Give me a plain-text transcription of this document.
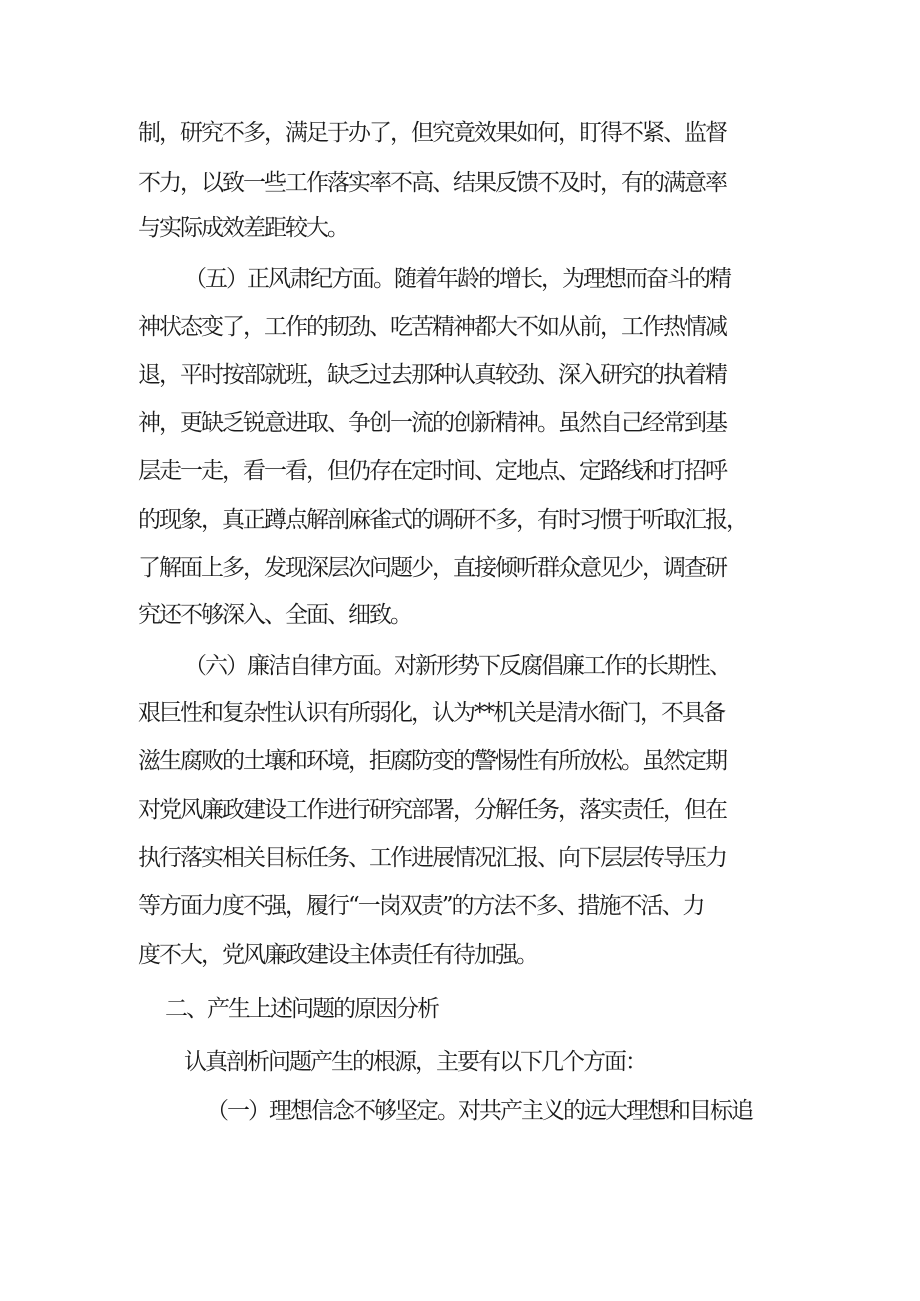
制，研究不多，满足于办了，但究竟效果如何，盯得不紧、监督
不力，以致一些工作落实率不高、结果反馈不及时，有的满意率
与实际成效差距较大。
（五）正风肃纪方面。随着年龄的增长，为理想而奋斗的精
神状态变了，工作的韧劲、吃苦精神都大不如从前，工作热情减
退，平时按部就班，缺乏过去那种认真较劲、深入研究的执着精
神，更缺乏锐意进取、争创一流的创新精神。虽然自己经常到基
层走一走，看一看，但仍存在定时间、定地点、定路线和打招呼
的现象，真正蹲点解剖麻雀式的调研不多，有时习惯于听取汇报，
了解面上多，发现深层次问题少，直接倾听群众意见少，调查研
究还不够深入、全面、细致。
（六）廉洁自律方面。对新形势下反腐倡廉工作的长期性、
艰巨性和复杂性认识有所弱化，认为**机关是清水衙门，不具备
滋生腐败的土壤和环境，拒腐防变的警惕性有所放松。虽然定期
对党风廉政建设工作进行研究部署，分解任务，落实责任，但在
执行落实相关目标任务、工作进展情况汇报、向下层层传导压力
等方面力度不强，履行“一岗双责”的方法不多、措施不活、力
度不大，党风廉政建设主体责任有待加强。
二、产生上述问题的原因分析
认真剖析问题产生的根源，主要有以下几个方面：
（一）理想信念不够坚定。对共产主义的远大理想和目标追
